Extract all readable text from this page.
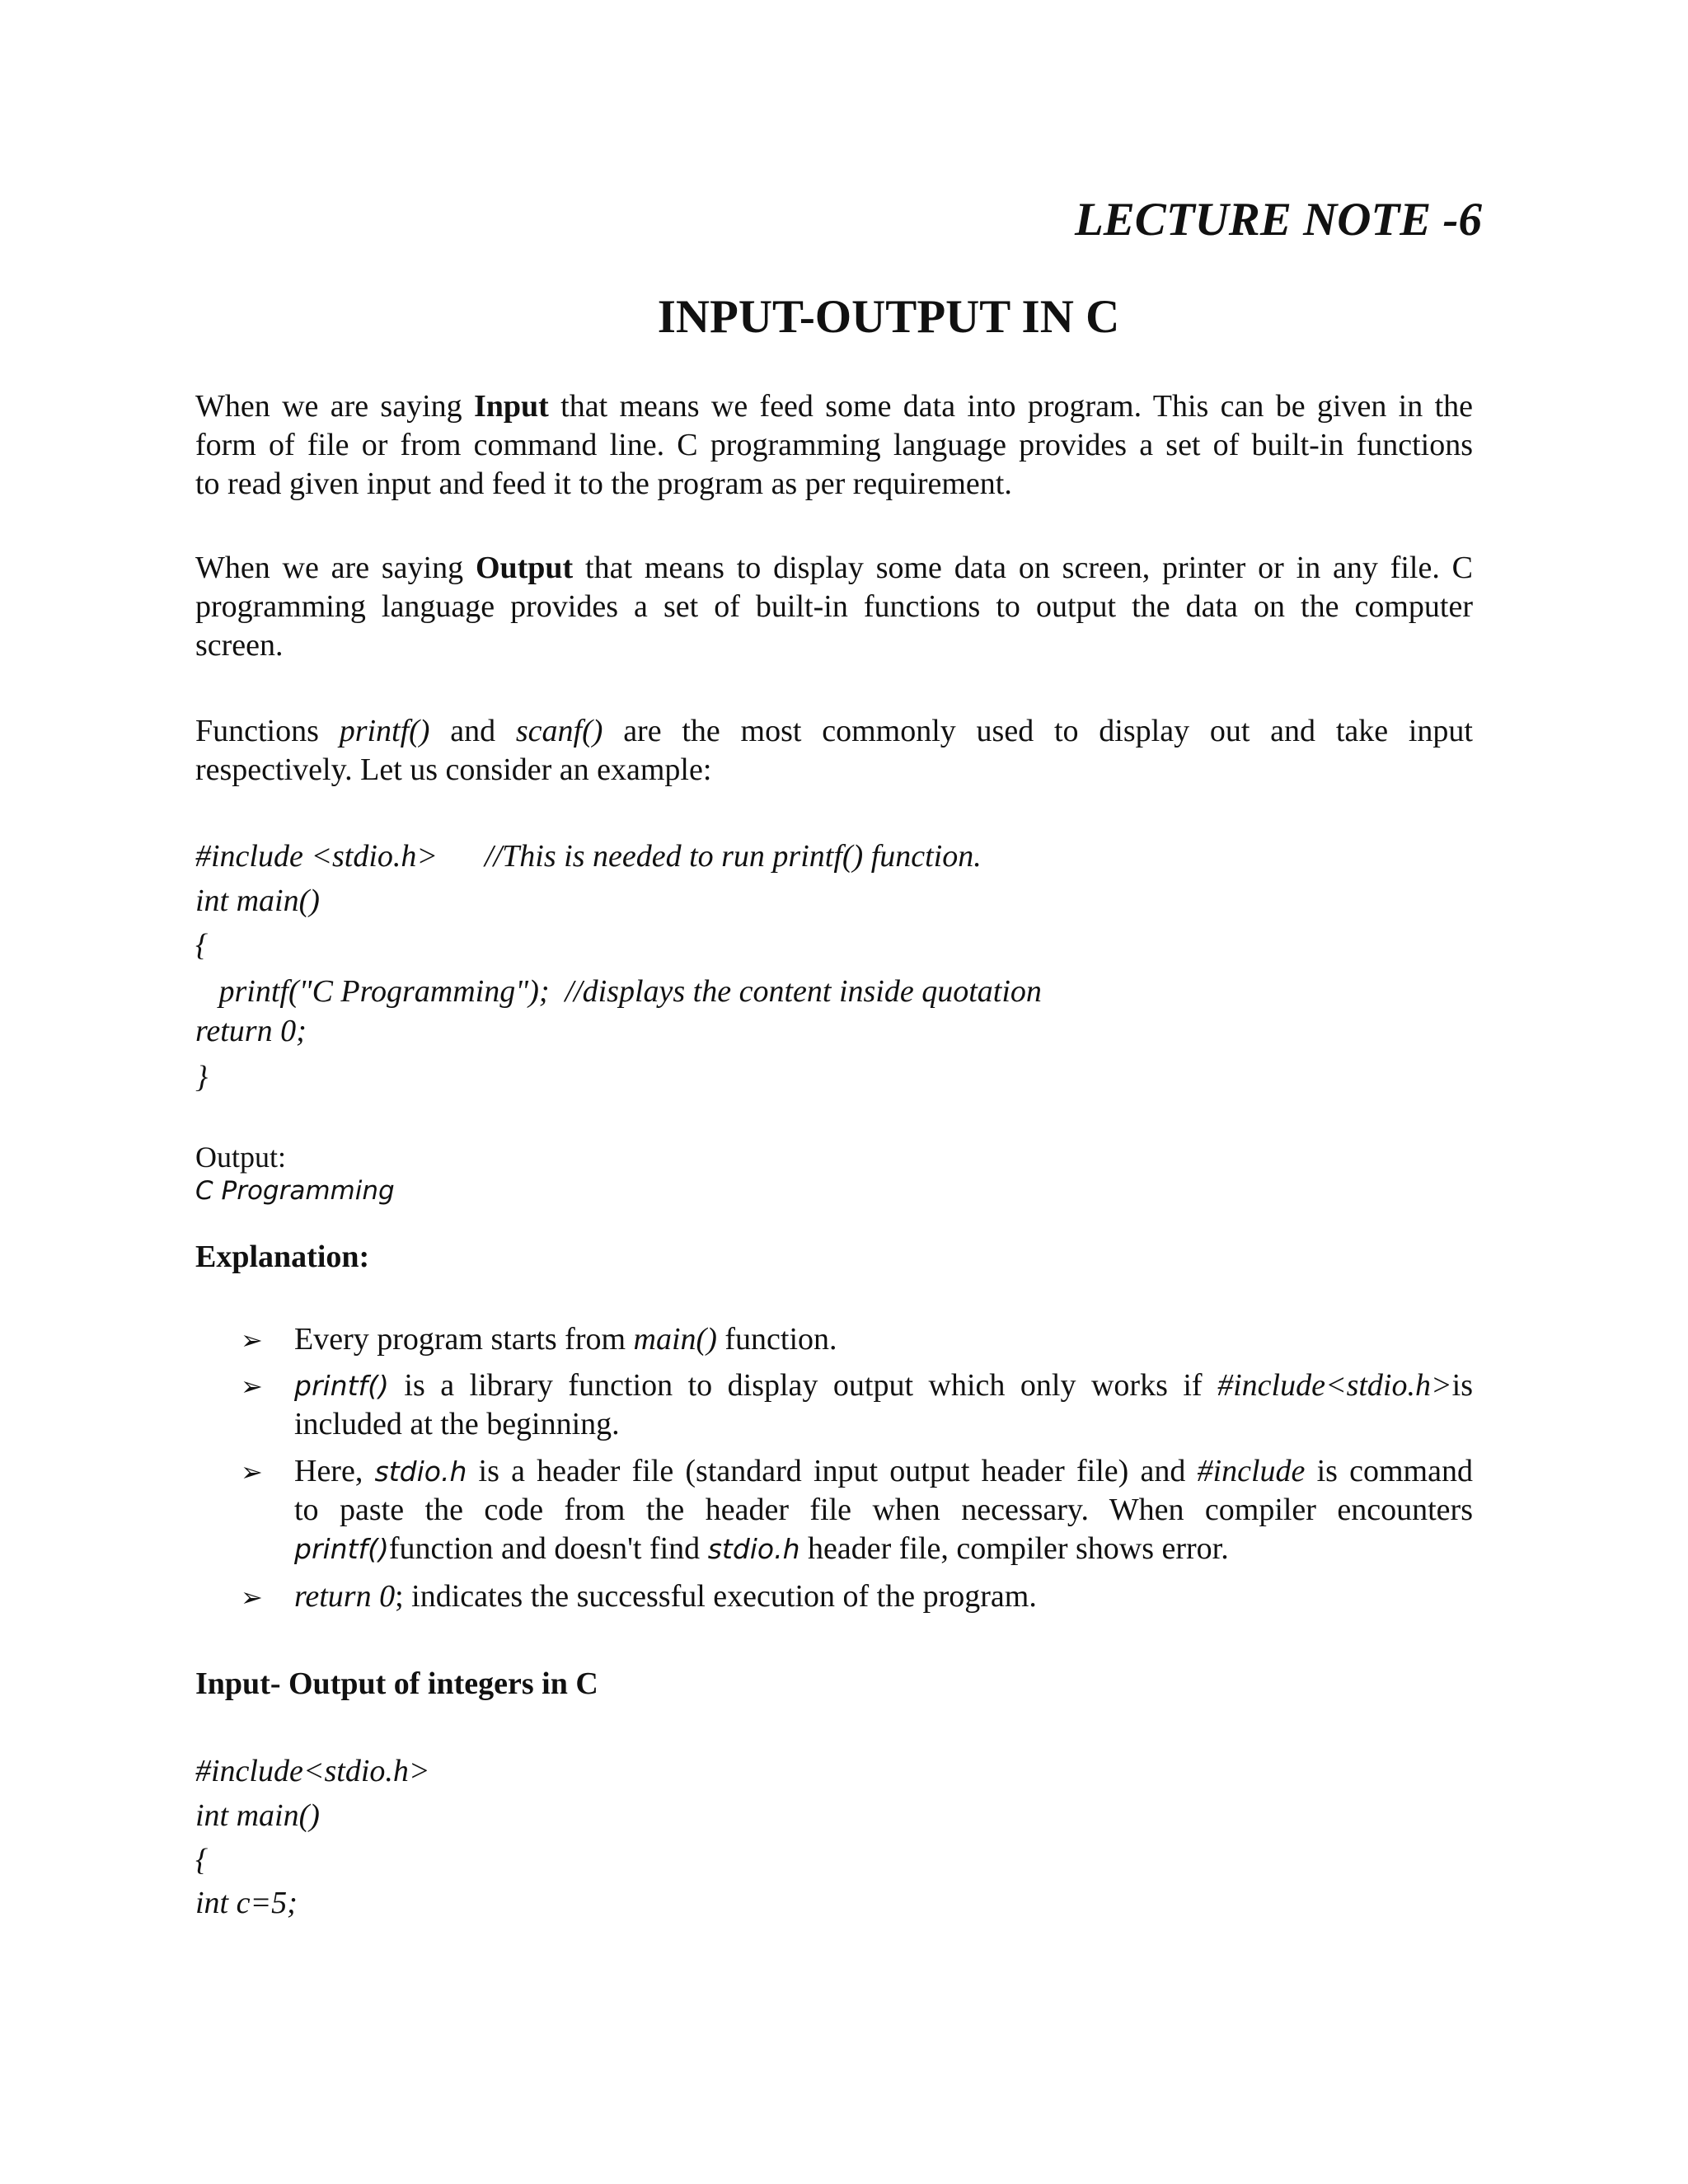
LECTURE NOTE -6
INPUT-OUTPUT IN C
When we are saying Input that means we feed some data into program. This can be given in the
form of file or from command line. C programming language provides a set of built-in functions
to read given input and feed it to the program as per requirement.
When we are saying Output that means to display some data on screen, printer or in any file. C
programming language provides a set of built-in functions to output the data on the computer
screen.
Functions printf() and scanf() are the most commonly used to display out and take input
respectively. Let us consider an example:
#include <stdio.h>      //This is needed to run printf() function.
int main()
{
printf("C Programming");  //displays the content inside quotation
return 0;
}
Output:
C Programming
Explanation:
➢ Every program starts from main() function.
➢ printf() is a library function to display output which only works if #include<stdio.h>is
included at the beginning.
➢ Here, stdio.h is a header file (standard input output header file) and #include is command
to paste the code from the header file when necessary. When compiler encounters
printf()function and doesn't find stdio.h header file, compiler shows error.
➢ return 0; indicates the successful execution of the program.
Input- Output of integers in C
#include<stdio.h>
int main()
{
int c=5;
